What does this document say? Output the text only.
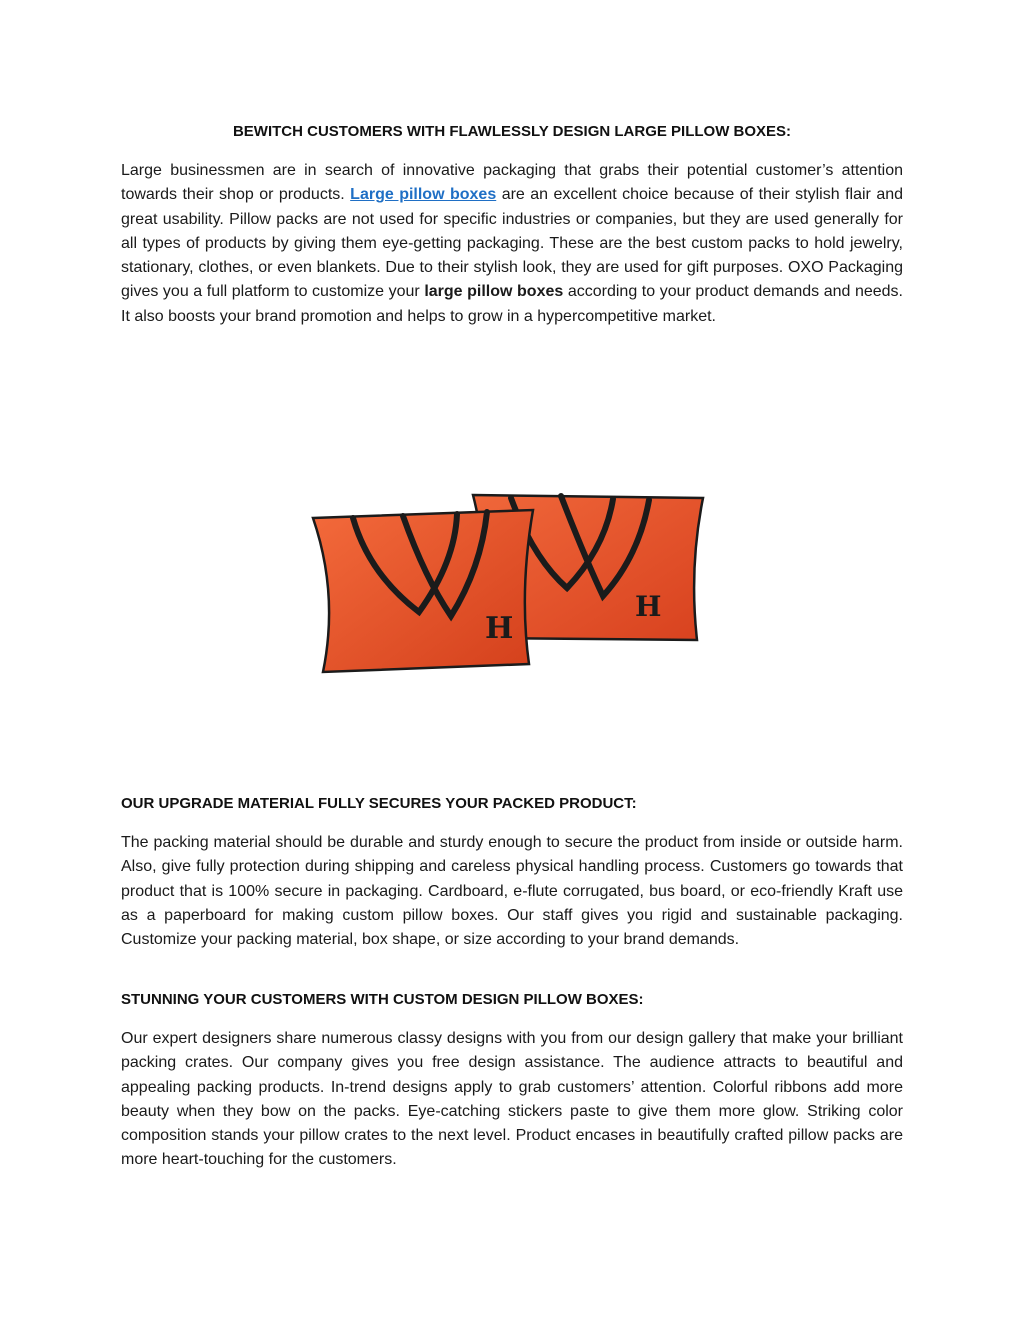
BEWITCH CUSTOMERS WITH FLAWLESSLY DESIGN LARGE PILLOW BOXES:

Large businessmen are in search of innovative packaging that grabs their potential customer’s attention towards their shop or products. Large pillow boxes are an excellent choice because of their stylish flair and great usability. Pillow packs are not used for specific industries or companies, but they are used generally for all types of products by giving them eye-getting packaging. These are the best custom packs to hold jewelry, stationary, clothes, or even blankets. Due to their stylish look, they are used for gift purposes. OXO Packaging gives you a full platform to customize your large pillow boxes according to your product demands and needs. It also boosts your brand promotion and helps to grow in a hypercompetitive market.

H
H
OUR UPGRADE MATERIAL FULLY SECURES YOUR PACKED PRODUCT:

The packing material should be durable and sturdy enough to secure the product from inside or outside harm. Also, give fully protection during shipping and careless physical handling process. Customers go towards that product that is 100% secure in packaging. Cardboard, e-flute corrugated, bus board, or eco-friendly Kraft use as a paperboard for making custom pillow boxes. Our staff gives you rigid and sustainable packaging. Customize your packing material, box shape, or size according to your brand demands.

STUNNING YOUR CUSTOMERS WITH CUSTOM DESIGN PILLOW BOXES:

Our expert designers share numerous classy designs with you from our design gallery that make your brilliant packing crates. Our company gives you free design assistance. The audience attracts to beautiful and appealing packing products. In-trend designs apply to grab customers’ attention. Colorful ribbons add more beauty when they bow on the packs. Eye-catching stickers paste to give them more glow. Striking color composition stands your pillow crates to the next level. Product encases in beautifully crafted pillow packs are more heart-touching for the customers.
